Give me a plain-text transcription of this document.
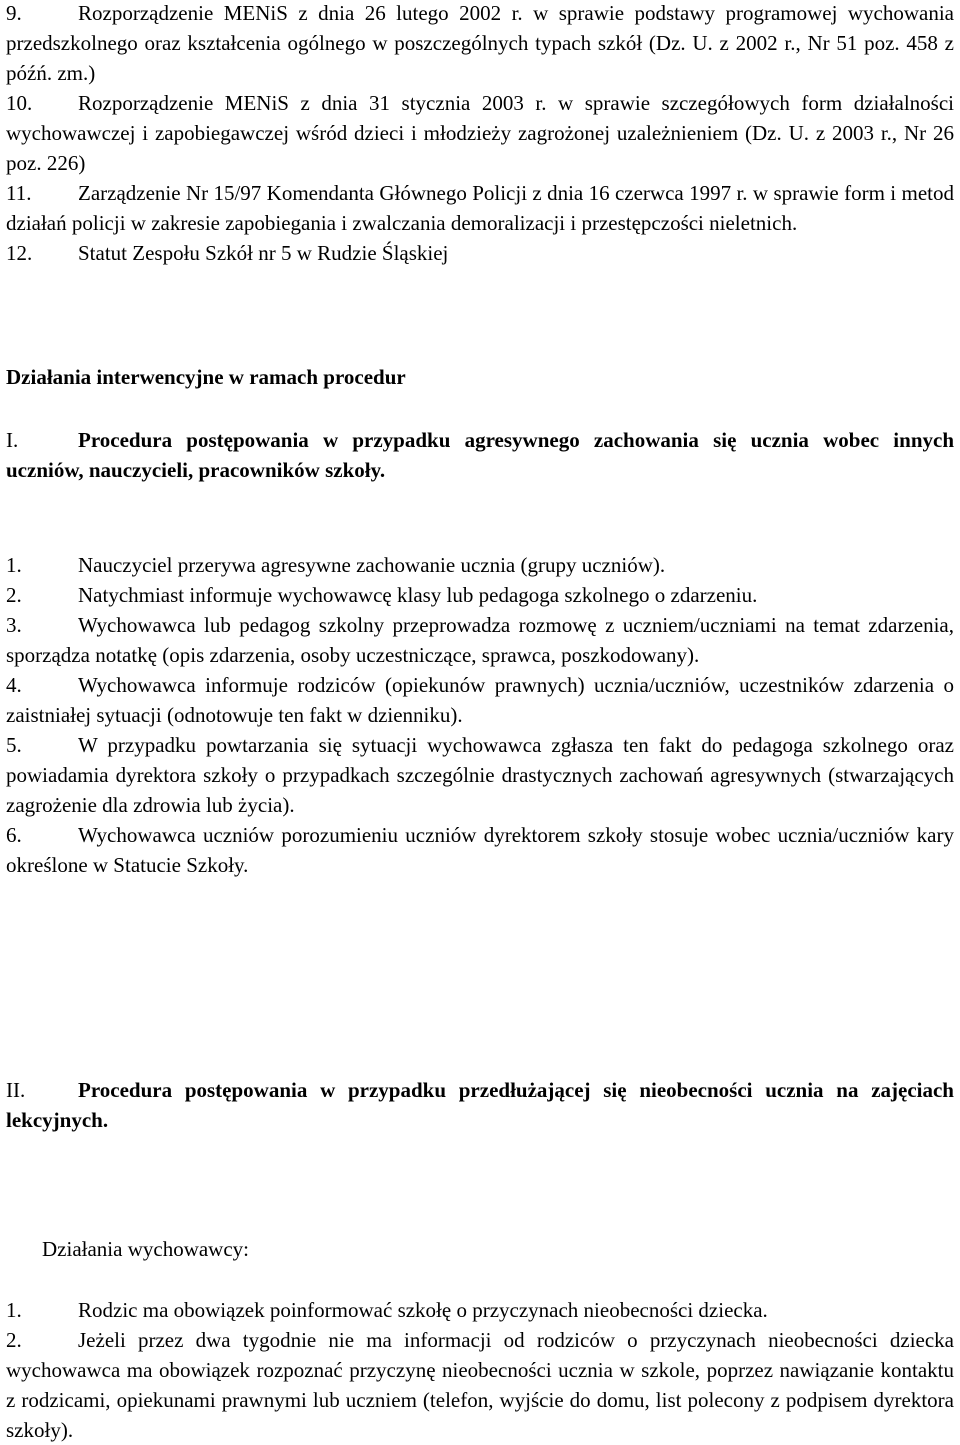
9.	Rozporządzenie MENiS z dnia 26 lutego 2002 r. w sprawie podstawy programowej wychowania przedszkolnego oraz kształcenia ogólnego w poszczególnych typach szkół (Dz. U. z 2002 r., Nr 51 poz. 458 z późń. zm.)
10.	Rozporządzenie MENiS z dnia 31 stycznia 2003 r. w sprawie szczegółowych form działalności wychowawczej i zapobiegawczej wśród dzieci i młodzieży zagrożonej uzależnieniem (Dz. U. z 2003 r., Nr 26 poz. 226)
11.	Zarządzenie Nr 15/97 Komendanta Głównego Policji z dnia 16 czerwca 1997 r. w sprawie form i metod działań policji w zakresie zapobiegania i zwalczania demoralizacji i przestępczości nieletnich.
12.	Statut Zespołu Szkół nr 5 w Rudzie Śląskiej
Działania interwencyjne w ramach procedur
I.	Procedura postępowania w przypadku agresywnego zachowania się ucznia wobec innych uczniów, nauczycieli, pracowników szkoły.
1.	Nauczyciel przerywa agresywne zachowanie ucznia (grupy uczniów).
2.	Natychmiast informuje wychowawcę klasy lub pedagoga szkolnego o zdarzeniu.
3.	Wychowawca lub pedagog szkolny przeprowadza rozmowę z uczniem/uczniami na temat zdarzenia, sporządza notatkę (opis zdarzenia, osoby uczestniczące, sprawca, poszkodowany).
4.	Wychowawca informuje rodziców (opiekunów prawnych) ucznia/uczniów, uczestników zdarzenia o zaistniałej sytuacji (odnotowuje ten fakt w dzienniku).
5.	W przypadku powtarzania się sytuacji wychowawca zgłasza ten fakt do pedagoga szkolnego oraz powiadamia dyrektora szkoły o przypadkach szczególnie drastycznych zachowań agresywnych (stwarzających zagrożenie dla zdrowia lub życia).
6.	Wychowawca uczniów porozumieniu uczniów dyrektorem szkoły stosuje wobec ucznia/uczniów kary określone w Statucie Szkoły.
II.	Procedura postępowania w przypadku przedłużającej się nieobecności ucznia na zajęciach lekcyjnych.
Działania wychowawcy:
1.	Rodzic ma obowiązek poinformować szkołę o przyczynach nieobecności dziecka.
2.	Jeżeli przez dwa tygodnie nie ma informacji od rodziców o przyczynach nieobecności dziecka wychowawca ma obowiązek rozpoznać przyczynę nieobecności ucznia w szkole, poprzez nawiązanie kontaktu z rodzicami, opiekunami prawnymi lub uczniem (telefon, wyjście do domu, list polecony z podpisem dyrektora szkoły).
